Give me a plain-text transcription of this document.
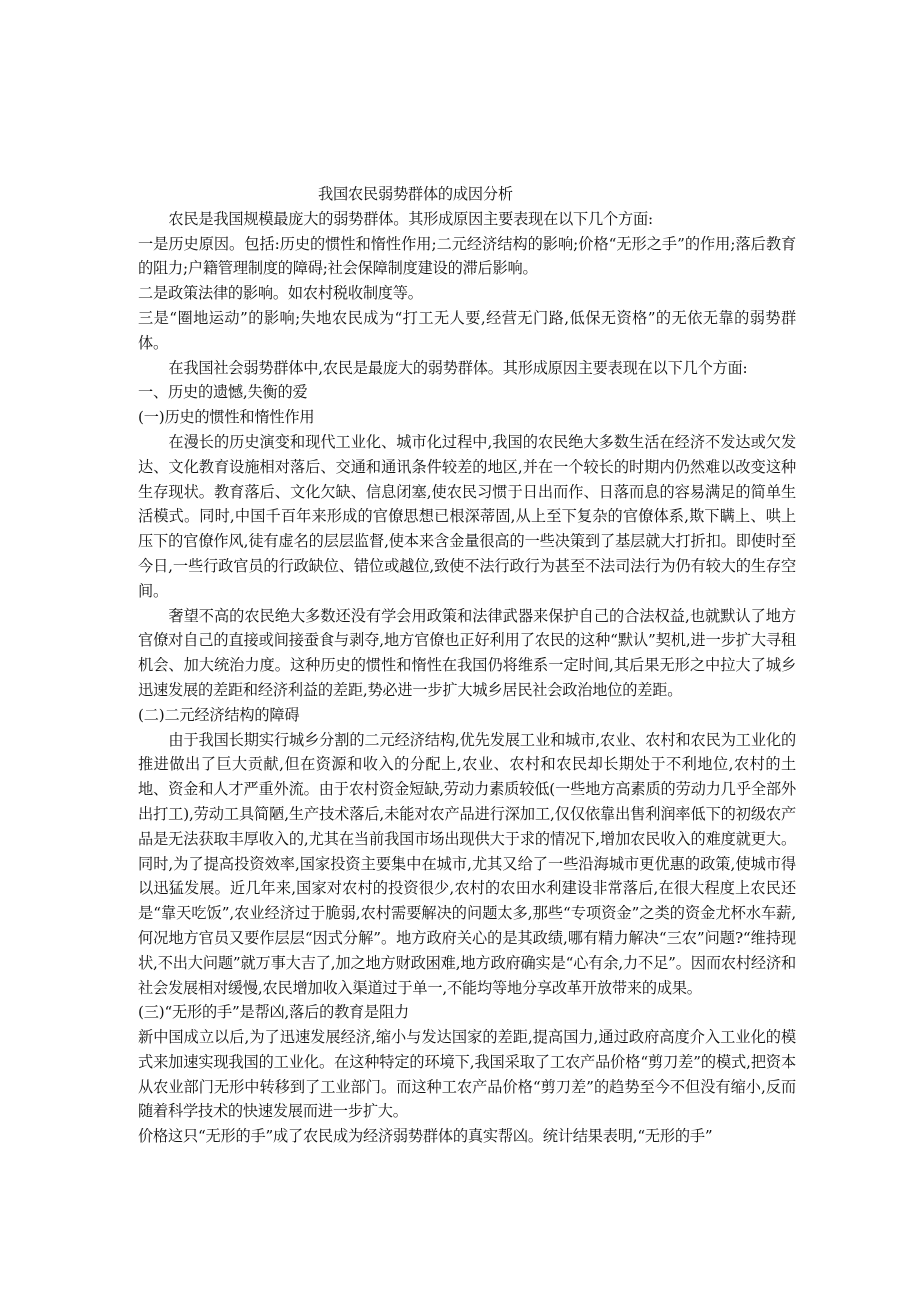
我国农民弱势群体的成因分析

农民是我国规模最庞大的弱势群体。其形成原因主要表现在以下几个方面:

一是历史原因。包括:历史的惯性和惰性作用;二元经济结构的影响;价格“无形之手”的作用;落后教育的阻力;户籍管理制度的障碍;社会保障制度建设的滞后影响。

二是政策法律的影响。如农村税收制度等。

三是“圈地运动”的影响;失地农民成为“打工无人要,经营无门路,低保无资格”的无依无靠的弱势群体。

在我国社会弱势群体中,农民是最庞大的弱势群体。其形成原因主要表现在以下几个方面:

一、历史的遗憾,失衡的爱

(一)历史的惯性和惰性作用

在漫长的历史演变和现代工业化、城市化过程中,我国的农民绝大多数生活在经济不发达或欠发达、文化教育设施相对落后、交通和通讯条件较差的地区,并在一个较长的时期内仍然难以改变这种生存现状。教育落后、文化欠缺、信息闭塞,使农民习惯于日出而作、日落而息的容易满足的简单生活模式。同时,中国千百年来形成的官僚思想已根深蒂固,从上至下复杂的官僚体系,欺下瞒上、哄上压下的官僚作风,徒有虚名的层层监督,使本来含金量很高的一些决策到了基层就大打折扣。即使时至今日,一些行政官员的行政缺位、错位或越位,致使不法行政行为甚至不法司法行为仍有较大的生存空间。

奢望不高的农民绝大多数还没有学会用政策和法律武器来保护自己的合法权益,也就默认了地方官僚对自己的直接或间接蚕食与剥夺,地方官僚也正好利用了农民的这种“默认”契机,进一步扩大寻租机会、加大统治力度。这种历史的惯性和惰性在我国仍将维系一定时间,其后果无形之中拉大了城乡迅速发展的差距和经济利益的差距,势必进一步扩大城乡居民社会政治地位的差距。

(二)二元经济结构的障碍

由于我国长期实行城乡分割的二元经济结构,优先发展工业和城市,农业、农村和农民为工业化的推进做出了巨大贡献,但在资源和收入的分配上,农业、农村和农民却长期处于不利地位,农村的土地、资金和人才严重外流。由于农村资金短缺,劳动力素质较低(一些地方高素质的劳动力几乎全部外出打工),劳动工具简陋,生产技术落后,未能对农产品进行深加工,仅仅依靠出售利润率低下的初级农产品是无法获取丰厚收入的,尤其在当前我国市场出现供大于求的情况下,增加农民收入的难度就更大。同时,为了提高投资效率,国家投资主要集中在城市,尤其又给了一些沿海城市更优惠的政策,使城市得以迅猛发展。近几年来,国家对农村的投资很少,农村的农田水利建设非常落后,在很大程度上农民还是“靠天吃饭”,农业经济过于脆弱,农村需要解决的问题太多,那些“专项资金”之类的资金尤杯水车薪,何况地方官员又要作层层“因式分解”。地方政府关心的是其政绩,哪有精力解决“三农”问题?“维持现状,不出大问题”就万事大吉了,加之地方财政困难,地方政府确实是“心有余,力不足”。因而农村经济和社会发展相对缓慢,农民增加收入渠道过于单一,不能均等地分享改革开放带来的成果。

(三)“无形的手”是帮凶,落后的教育是阻力

新中国成立以后,为了迅速发展经济,缩小与发达国家的差距,提高国力,通过政府高度介入工业化的模式来加速实现我国的工业化。在这种特定的环境下,我国采取了工农产品价格“剪刀差”的模式,把资本从农业部门无形中转移到了工业部门。而这种工农产品价格“剪刀差”的趋势至今不但没有缩小,反而随着科学技术的快速发展而进一步扩大。

价格这只“无形的手”成了农民成为经济弱势群体的真实帮凶。统计结果表明,“无形的手”
